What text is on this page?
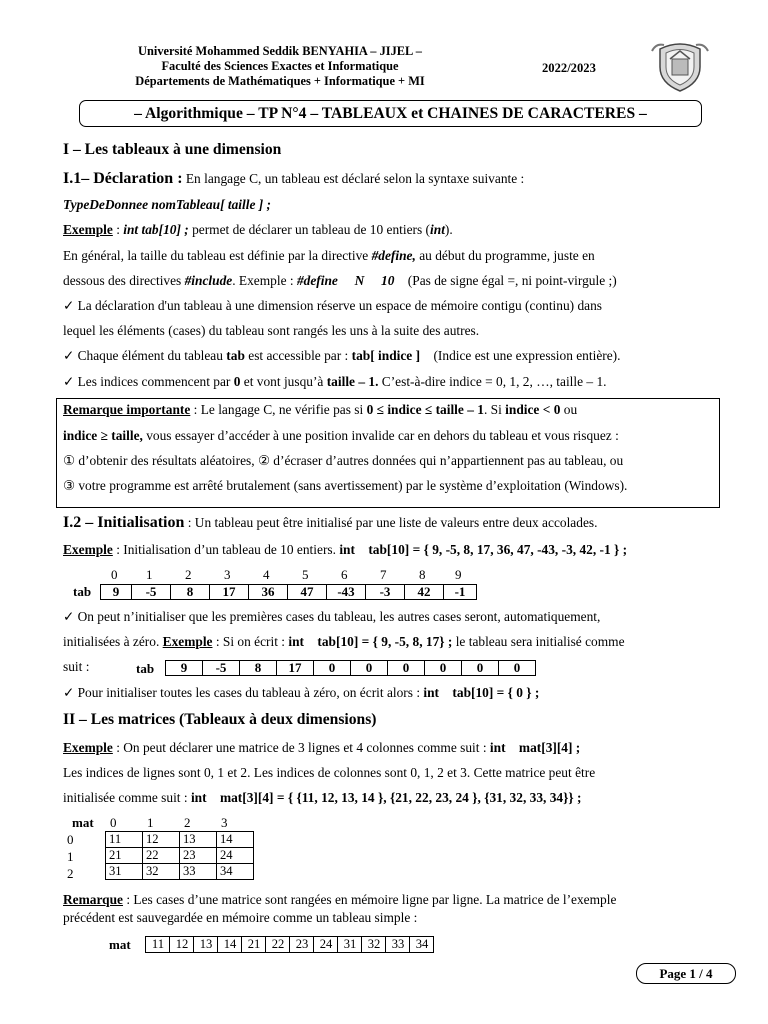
Université Mohammed Seddik BENYAHIA – JIJEL –
Faculté des Sciences Exactes et Informatique
Départements de Mathématiques + Informatique + MI
2022/2023
– Algorithmique – TP N°4 – TABLEAUX et CHAINES DE CARACTERES –
I – Les tableaux à une dimension
I.1– Déclaration : En langage C, un tableau est déclaré selon la syntaxe suivante :
TypeDeDonnee nomTableau[ taille ] ;
Exemple : int tab[10] ; permet de déclarer un tableau de 10 entiers (int).
En général, la taille du tableau est définie par la directive #define, au début du programme, juste en
dessous des directives #include. Exemple : #define     N     10    (Pas de signe égal =, ni point-virgule ;)
✓ La déclaration d'un tableau à une dimension réserve un espace de mémoire contigu (continu) dans
lequel les éléments (cases) du tableau sont rangés les uns à la suite des autres.
✓ Chaque élément du tableau tab est accessible par : tab[ indice ]    (Indice est une expression entière).
✓ Les indices commencent par 0 et vont jusqu’à taille – 1. C’est-à-dire indice = 0, 1, 2, …, taille – 1.
Remarque importante : Le langage C, ne vérifie pas si 0 ≤ indice ≤ taille – 1. Si indice < 0 ou
indice ≥ taille, vous essayer d’accéder à une position invalide car en dehors du tableau et vous risquez :
① d’obtenir des résultats aléatoires, ② d’écraser d’autres données qui n’appartiennent pas au tableau, ou
③ votre programme est arrêté brutalement (sans avertissement) par le système d’exploitation (Windows).
I.2 – Initialisation : Un tableau peut être initialisé par une liste de valeurs entre deux accolades.
Exemple : Initialisation d’un tableau de 10 entiers. int    tab[10] = { 9, -5, 8, 17, 36, 47, -43, -3, 42, -1 } ;
0 1	2	3	4	5	6	7	8 9
tab 9	-5	8	17	36	47	-43	-3	42	-1
✓ On peut n’initialiser que les premières cases du tableau, les autres cases seront, automatiquement,
initialisées à zéro. Exemple : Si on écrit : int    tab[10] = { 9, -5, 8, 17} ; le tableau sera initialisé comme
suit :	tab 9	-5	8	17	0	0	0	0	0	0
✓ Pour initialiser toutes les cases du tableau à zéro, on écrit alors : int    tab[10] = { 0 } ;
II – Les matrices (Tableaux à deux dimensions)
Exemple : On peut déclarer une matrice de 3 lignes et 4 colonnes comme suit : int    mat[3][4] ;
Les indices de lignes sont 0, 1 et 2. Les indices de colonnes sont 0, 1, 2 et 3. Cette matrice peut être
initialisée comme suit : int    mat[3][4] = { {11, 12, 13, 14 }, {21, 22, 23, 24 }, {31, 32, 33, 34}} ;
mat 0 1 2 3
0
1
2
11	12	13	14
21	22	23	24
31	32	33	34
Remarque : Les cases d’une matrice sont rangées en mémoire ligne par ligne. La matrice de l’exemple
précédent est sauvegardée en mémoire comme un tableau simple :
mat 11	12	13	14	21	22	23	24	31	32	33	34
Page 1 / 4
